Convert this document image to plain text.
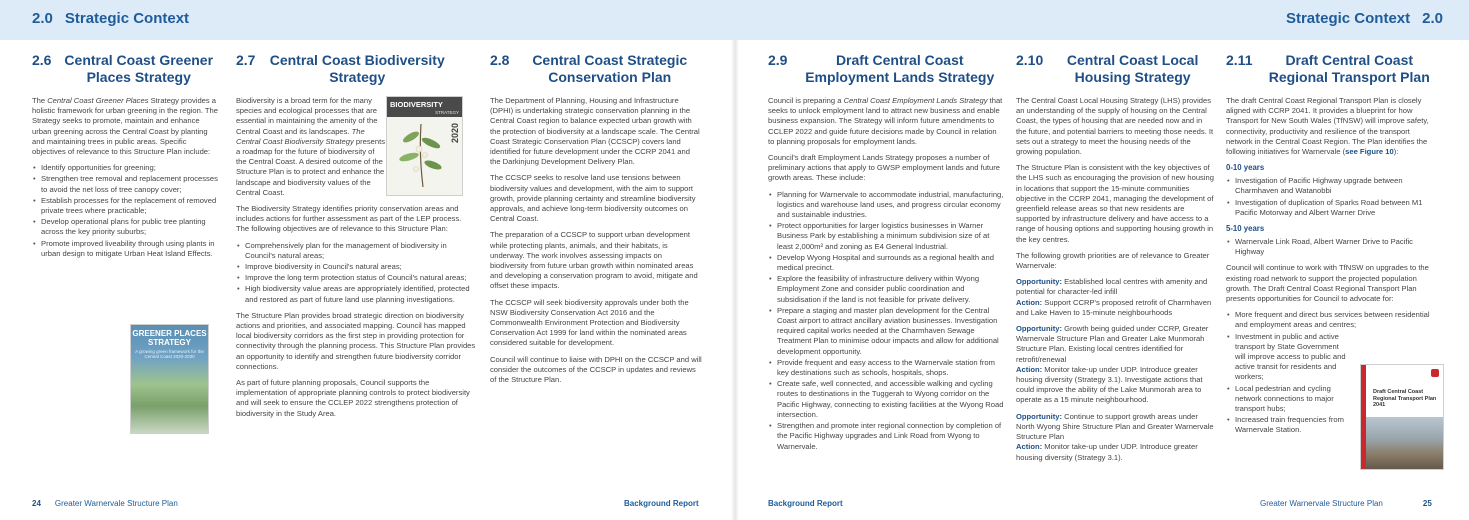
2.0 Strategic Context	Strategic Context 2.0
2.6 Central Coast Greener Places Strategy
The Central Coast Greener Places Strategy provides a holistic framework for urban greening in the region. The Strategy seeks to promote, maintain and enhance urban greening across the Central Coast by planting and maintaining trees in public areas. Specific objectives of relevance to this Structure Plan include:
• Identify opportunities for greening;
• Strengthen tree removal and replacement processes to avoid the net loss of tree canopy cover;
• Establish processes for the replacement of removed private trees where practicable;
• Develop operational plans for public tree planting across the key priority suburbs;
• Promote improved liveability through using plants in urban design to mitigate Urban Heat Island Effects.
GREENER PLACES STRATEGY
A growing green framework for the Central Coast 2020-2030
2.7	Central Coast Biodiversity Strategy
Biodiversity is a broad term for the many species and ecological processes that are essential in maintaining the amenity of the Central Coast and its landscapes. The Central Coast Biodiversity Strategy presents a roadmap for the future of biodiversity of the Central Coast. A desired outcome of the Structure Plan is to protect and enhance the landscape and biodiversity values of the Central Coast.
The Biodiversity Strategy identifies priority conservation areas and includes actions for further assessment as part of the LEP process. The following objectives are of relevance to this Structure Plan:
• Comprehensively plan for the management of biodiversity in Council's natural areas;
• Improve biodiversity in Council's natural areas;
• Improve the long term protection status of Council's natural areas;
• High biodiversity value areas are appropriately identified, protected and restored as part of future land use planning investigations.
The Structure Plan provides broad strategic direction on biodiversity actions and priorities, and associated mapping. Council has mapped local biodiversity corridors as the first step in providing protection for connectivity through the planning process. This Structure Plan provides an opportunity to identify and strengthen future biodiversity corridor connections.
As part of future planning proposals, Council supports the implementation of appropriate planning controls to protect biodiversity and will seek to ensure the CCLEP 2022 strengthens protection of biodiversity in the Study Area.
BIODIVERSITY
STRATEGY
2020
2.8	Central Coast Strategic Conservation Plan
The Department of Planning, Housing and Infrastructure (DPHI) is undertaking strategic conservation planning in the Central Coast region to balance expected urban growth with the protection of biodiversity at a landscape scale. The Central Coast Strategic Conservation Plan (CCSCP) covers land identified for future development under the CCRP 2041 and the Darkinjung Development Delivery Plan.
The CCSCP seeks to resolve land use tensions between biodiversity values and development, with the aim to support growth, provide planning certainty and streamline biodiversity approvals, and achieve long-term biodiversity outcomes on Central Coast.
The preparation of a CCSCP to support urban development while protecting plants, animals, and their habitats, is underway. The work involves assessing impacts on biodiversity from future urban growth within nominated areas and developing a conservation program to avoid, mitigate and offset these impacts.
The CCSCP will seek biodiversity approvals under both the NSW Biodiversity Conservation Act 2016 and the Commonwealth Environment Protection and Biodiversity Conservation Act 1999 for land within the nominated areas considered suitable for development.
Council will continue to liaise with DPHI on the CCSCP and will consider the outcomes of the CCSCP in updates and reviews of the Structure Plan.
2.9	Draft Central Coast Employment Lands Strategy
Council is preparing a Central Coast Employment Lands Strategy that seeks to unlock employment land to attract new business and enable business expansion. The Strategy will inform future amendments to CCLEP 2022 and guide future decisions made by Council in relation to planning proposals for employment lands.
Council's draft Employment Lands Strategy proposes a number of preliminary actions that apply to GWSP employment lands and future growth areas. These include:
• Planning for Warnervale to accommodate industrial, manufacturing, logistics and warehouse land uses, and progress circular economy and sustainable industries.
• Protect opportunities for larger logistics businesses in Warner Business Park by establishing a minimum subdivision size of at least 2,000m² and zoning as E4 General Industrial.
• Develop Wyong Hospital and surrounds as a regional health and medical precinct.
• Explore the feasibility of infrastructure delivery within Wyong Employment Zone and consider public coordination and subsidisation if the land is not feasible for private delivery.
• Prepare a staging and master plan development for the Central Coast airport to attract ancillary aviation businesses. Investigation required capital works needed at the Charmhaven Sewage Treatment Plan to minimise odour impacts and allow for additional development opportunity.
• Provide frequent and easy access to the Warnervale station from key destinations such as schools, hospitals, shops.
• Create safe, well connected, and accessible walking and cycling routes to destinations in the Tuggerah to Wyong corridor on the Pacific Highway, connecting to existing facilities at the Wyong Road intersection.
• Strengthen and promote inter regional connection by completion of the Pacific Highway upgrades and Link Road from Wyong to Warnervale.
2.10	Central Coast Local Housing Strategy
The Central Coast Local Housing Strategy (LHS) provides an understanding of the supply of housing on the Central Coast, the types of housing that are needed now and in the future, and potential barriers to meeting those needs. It sets out a strategy to meet the housing needs of the growing population.
The Structure Plan is consistent with the key objectives of the LHS such as encouraging the provision of new housing in locations that support the 15-minute communities objective in the CCRP 2041, managing the development of greenfield release areas so that new residents are supported by infrastructure delivery and have access to a range of housing options and supporting housing growth in the key centres.
The following growth priorities are of relevance to Greater Warnervale:
Opportunity: Established local centres with amenity and potential for character-led infill
Action: Support CCRP's proposed retrofit of Charmhaven and Lake Haven to 15-minute neighbourhoods
Opportunity: Growth being guided under CCRP, Greater Warnervale Structure Plan and Greater Lake Munmorah Structure Plan. Existing local centres identified for retrofit/renewal
Action: Monitor take-up under UDP. Introduce greater housing diversity (Strategy 3.1). Investigate actions that could improve the ability of the Lake Munmorah area to operate as a 15 minute neighbourhood.
Opportunity: Continue to support growth areas under North Wyong Shire Structure Plan and Greater Warnervale Structure Plan
Action: Monitor take-up under UDP. Introduce greater housing diversity (Strategy 3.1).
2.11	Draft Central Coast Regional Transport Plan
The draft Central Coast Regional Transport Plan is closely aligned with CCRP 2041. It provides a blueprint for how Transport for New South Wales (TfNSW) will improve safety, connectivity, productivity and resilience of the transport network in the Central Coast Region. The Plan identifies the following initiatives for Warnervale (see Figure 10):
0-10 years
• Investigation of Pacific Highway upgrade between Charmhaven and Watanobbi
• Investigation of duplication of Sparks Road between M1 Pacific Motorway and Albert Warner Drive
5-10 years
• Warnervale Link Road, Albert Warner Drive to Pacific Highway
Council will continue to work with TfNSW on upgrades to the existing road network to support the projected population growth. The Draft Central Coast Regional Transport Plan presents opportunities for Council to advocate for:
• More frequent and direct bus services between residential and employment areas and centres;
• Investment in public and active transport by State Government will improve access to public and active transit for residents and workers;
• Local pedestrian and cycling network connections to major transport hubs;
• Increased train frequencies from Warnervale Station.
Draft Central Coast Regional Transport Plan 2041
24 Greater Warnervale Structure Plan	Background Report	Background Report	Greater Warnervale Structure Plan	25
